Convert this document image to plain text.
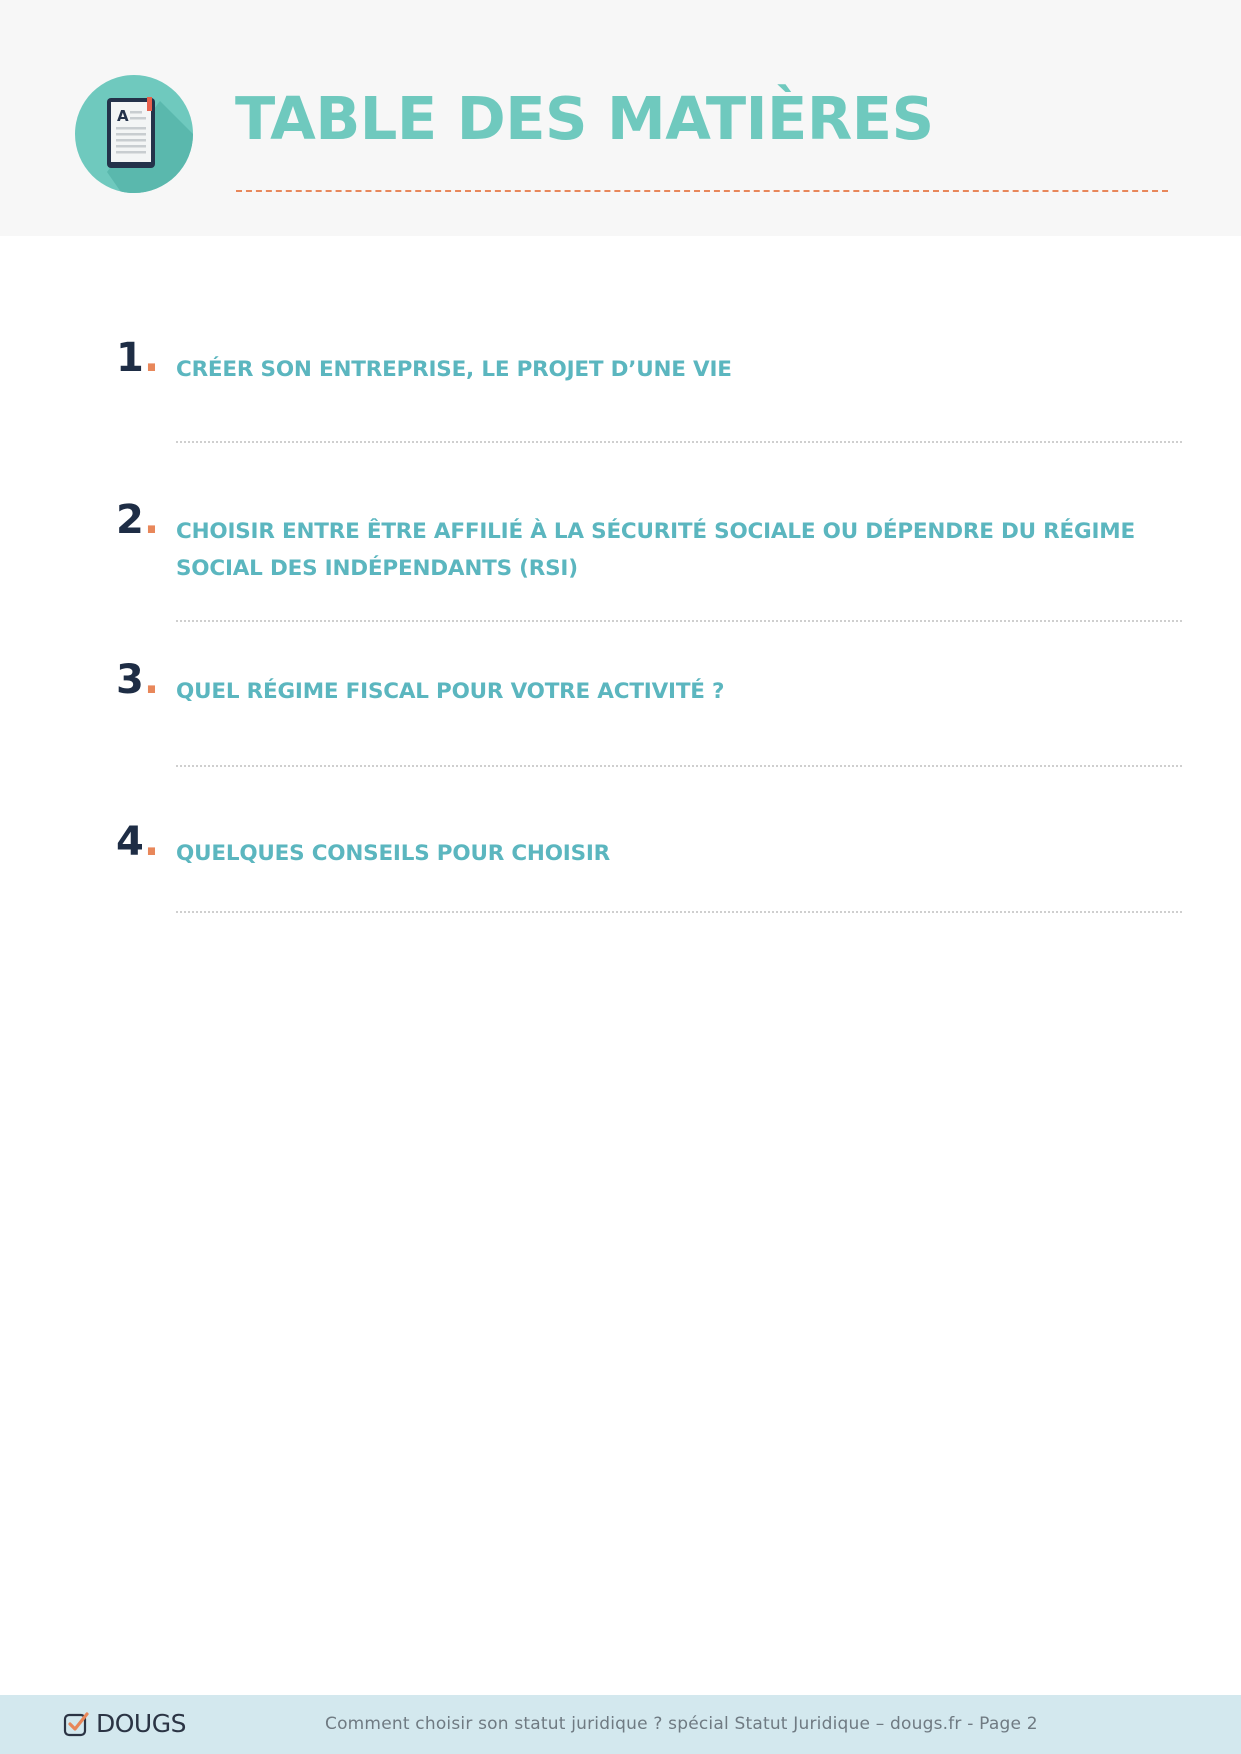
A TABLE DES MATIÈRES
1. CRÉER SON ENTREPRISE, LE PROJET D’UNE VIE
2. CHOISIR ENTRE ÊTRE AFFILIÉ À LA SÉCURITÉ SOCIALE OU DÉPENDRE DU RÉGIME SOCIAL DES INDÉPENDANTS (RSI)
3. QUEL RÉGIME FISCAL POUR VOTRE ACTIVITÉ ?
4. QUELQUES CONSEILS POUR CHOISIR
DOUGS	Comment choisir son statut juridique ? spécial Statut Juridique – dougs.fr - Page 2
